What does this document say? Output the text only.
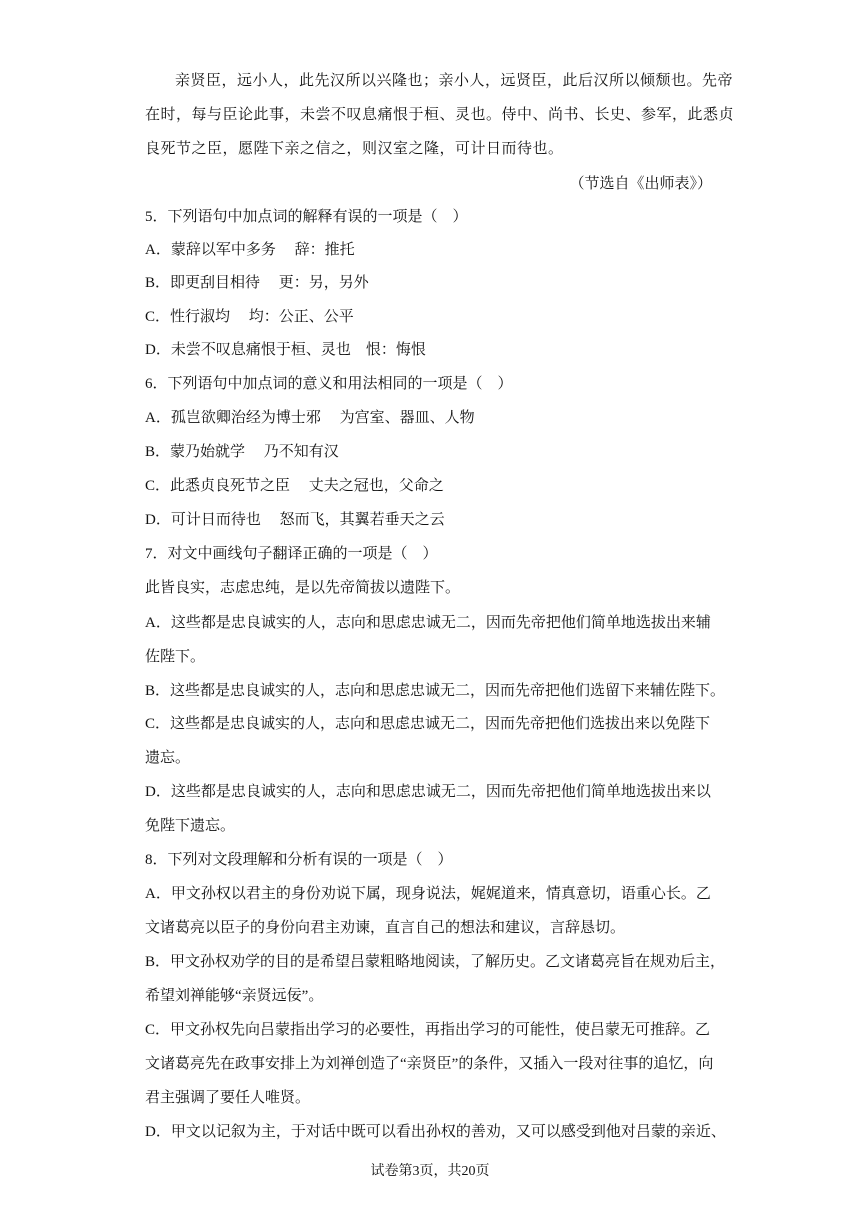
亲贤臣，远小人，此先汉所以兴隆也；亲小人，远贤臣，此后汉所以倾颓也。先帝
在时，每与臣论此事，未尝不叹息痛恨于桓、灵也。侍中、尚书、长史、参军，此悉贞
良死节之臣，愿陛下亲之信之，则汉室之隆，可计日而待也。
（节选自《出师表》）
5．下列语句中加点词的解释有误的一项是（　）
A．蒙辞以军中多务　 辞：推托
B．即更刮目相待　 更：另，另外
C．性行淑均　 均：公正、公平
D．未尝不叹息痛恨于桓、灵也　恨：悔恨
6．下列语句中加点词的意义和用法相同的一项是（　）
A．孤岂欲卿治经为博士邪　 为宫室、器皿、人物
B．蒙乃始就学　 乃不知有汉
C．此悉贞良死节之臣　 丈夫之冠也，父命之
D．可计日而待也　 怒而飞，其翼若垂天之云
7．对文中画线句子翻译正确的一项是（　）
此皆良实，志虑忠纯，是以先帝简拔以遗陛下。
A．这些都是忠良诚实的人，志向和思虑忠诚无二，因而先帝把他们简单地选拔出来辅
佐陛下。
B．这些都是忠良诚实的人，志向和思虑忠诚无二，因而先帝把他们选留下来辅佐陛下。
C．这些都是忠良诚实的人，志向和思虑忠诚无二，因而先帝把他们选拔出来以免陛下
遗忘。
D．这些都是忠良诚实的人，志向和思虑忠诚无二，因而先帝把他们简单地选拔出来以
免陛下遗忘。
8．下列对文段理解和分析有误的一项是（　）
A．甲文孙权以君主的身份劝说下属，现身说法，娓娓道来，情真意切，语重心长。乙
文诸葛亮以臣子的身份向君主劝谏，直言自己的想法和建议，言辞恳切。
B．甲文孙权劝学的目的是希望吕蒙粗略地阅读，了解历史。乙文诸葛亮旨在规劝后主，
希望刘禅能够“亲贤远佞”。
C．甲文孙权先向吕蒙指出学习的必要性，再指出学习的可能性，使吕蒙无可推辞。乙
文诸葛亮先在政事安排上为刘禅创造了“亲贤臣”的条件，又插入一段对往事的追忆，向
君主强调了要任人唯贤。
D．甲文以记叙为主，于对话中既可以看出孙权的善劝，又可以感受到他对吕蒙的亲近、
试卷第3页，共20页
